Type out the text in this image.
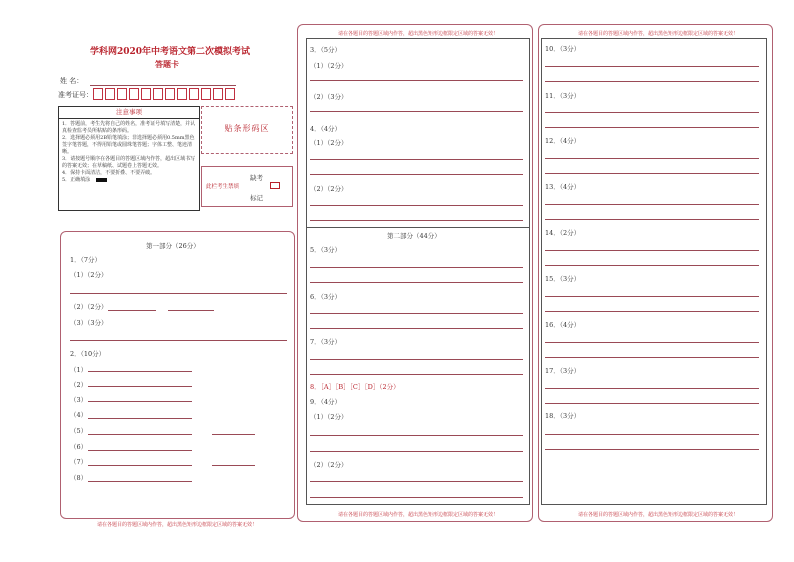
学科网2020年中考语文第二次模拟考试
答题卡
姓 名：
准考证号：
注意事项
1．答题前，考生先将自己的姓名，准考证号填写清楚，并认真检查监考员所粘贴的条形码。
2．选择题必须用2B铅笔填涂；非选择题必须用0.5mm黑色签字笔答题，不得用铅笔或圆珠笔答题；字体工整、笔迹清晰。
3．请按题号顺序在各题目的答题区域内作答，超出区域书写的答案无效；在草稿纸、试题卷上答题无效。
4．保持卡面清洁，不要折叠、不要弄破。
5．正确填涂
贴条形码区
缺考
此栏考生禁填
标记
请在各题目的答题区域内作答，超出黑色矩形边框限定区域的答案无效！
第一部分（26分）
1．（7分）
（1）（2分）
（2）（2分）
（3）（3分）
2．（10分）
（1）
（2）
（3）
（4）
（5）
（6）
（7）
（8）
请在各题目的答题区域内作答，超出黑色矩形边框限定区域的答案无效！
请在各题目的答题区域内作答，超出黑色矩形边框限定区域的答案无效！
3．（5分）
（1）（2分）
（2）（3分）
4．（4分）
（1）（2分）
（2）（2分）
第二部分（44分）
5．（3分）
6．（3分）
7．（3分）
8．［A］［B］［C］［D］（2分）
9．（4分）
（1）（2分）
（2）（2分）
请在各题目的答题区域内作答，超出黑色矩形边框限定区域的答案无效！
请在各题目的答题区域内作答，超出黑色矩形边框限定区域的答案无效！
10．（3分）
11．（3分）
12．（4分）
13．（4分）
14．（2分）
15．（3分）
16．（4分）
17．（3分）
18．（3分）
